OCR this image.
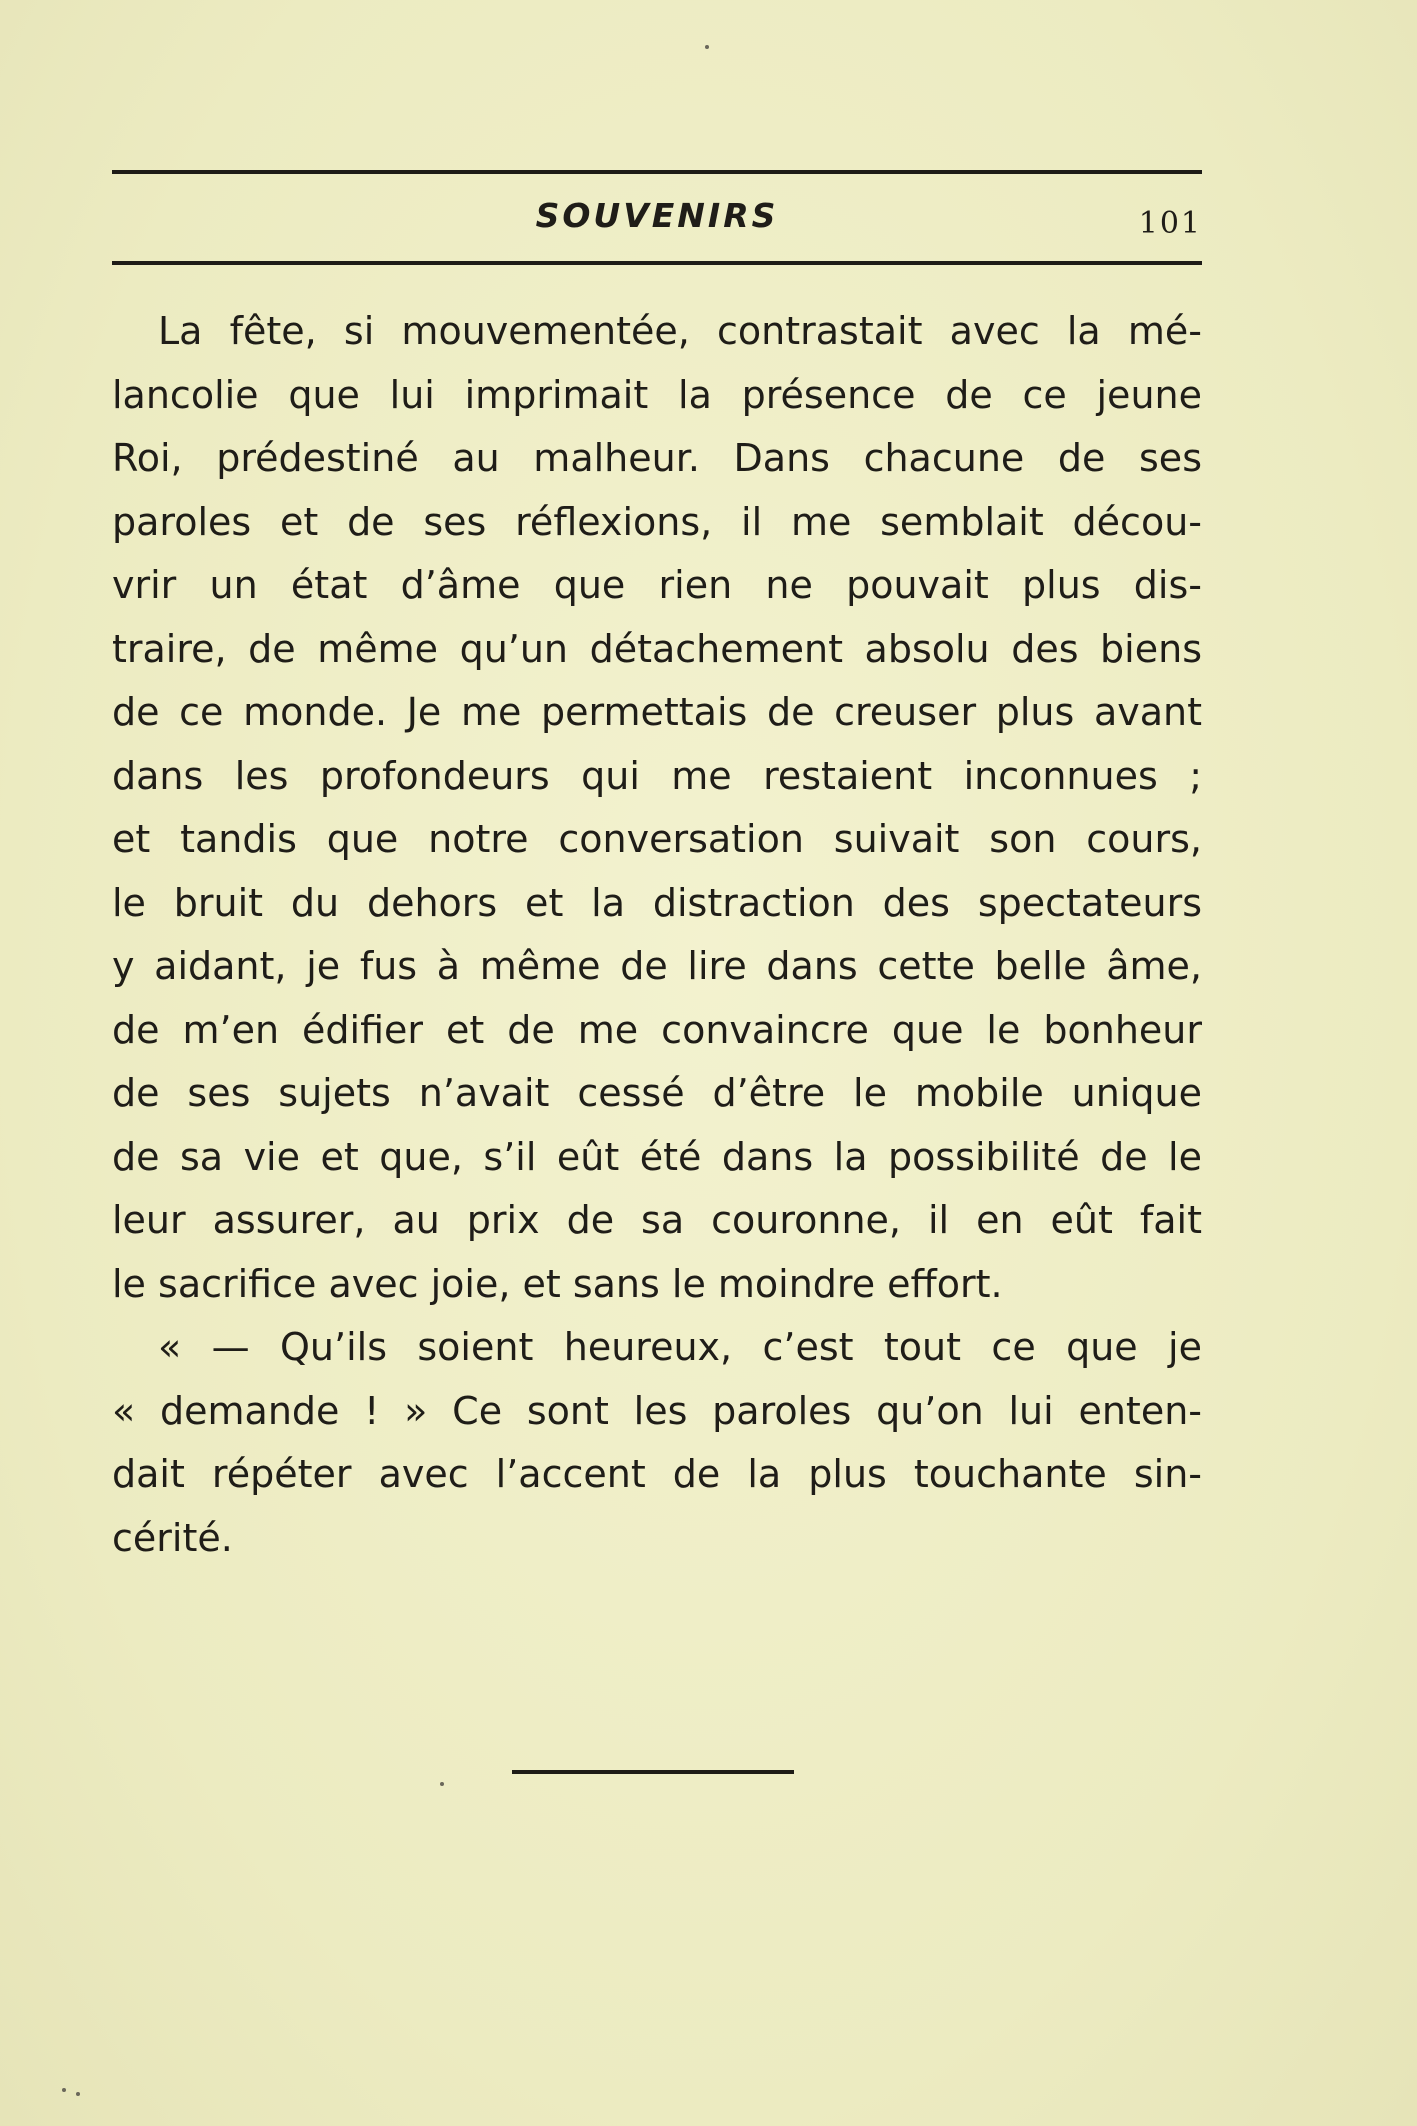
SOUVENIRS	101
La fête, si mouvementée, contrastait avec la mé-
lancolie que lui imprimait la présence de ce jeune
Roi, prédestiné au malheur. Dans chacune de ses
paroles et de ses réflexions, il me semblait décou-
vrir un état d’âme que rien ne pouvait plus dis-
traire, de même qu’un détachement absolu des biens
de ce monde. Je me permettais de creuser plus avant
dans les profondeurs qui me restaient inconnues ;
et tandis que notre conversation suivait son cours,
le bruit du dehors et la distraction des spectateurs
y aidant, je fus à même de lire dans cette belle âme,
de m’en édifier et de me convaincre que le bonheur
de ses sujets n’avait cessé d’être le mobile unique
de sa vie et que, s’il eût été dans la possibilité de le
leur assurer, au prix de sa couronne, il en eût fait
le sacrifice avec joie, et sans le moindre effort.
« — Qu’ils soient heureux, c’est tout ce que je
« demande ! » Ce sont les paroles qu’on lui enten-
dait répéter avec l’accent de la plus touchante sin-
cérité.
